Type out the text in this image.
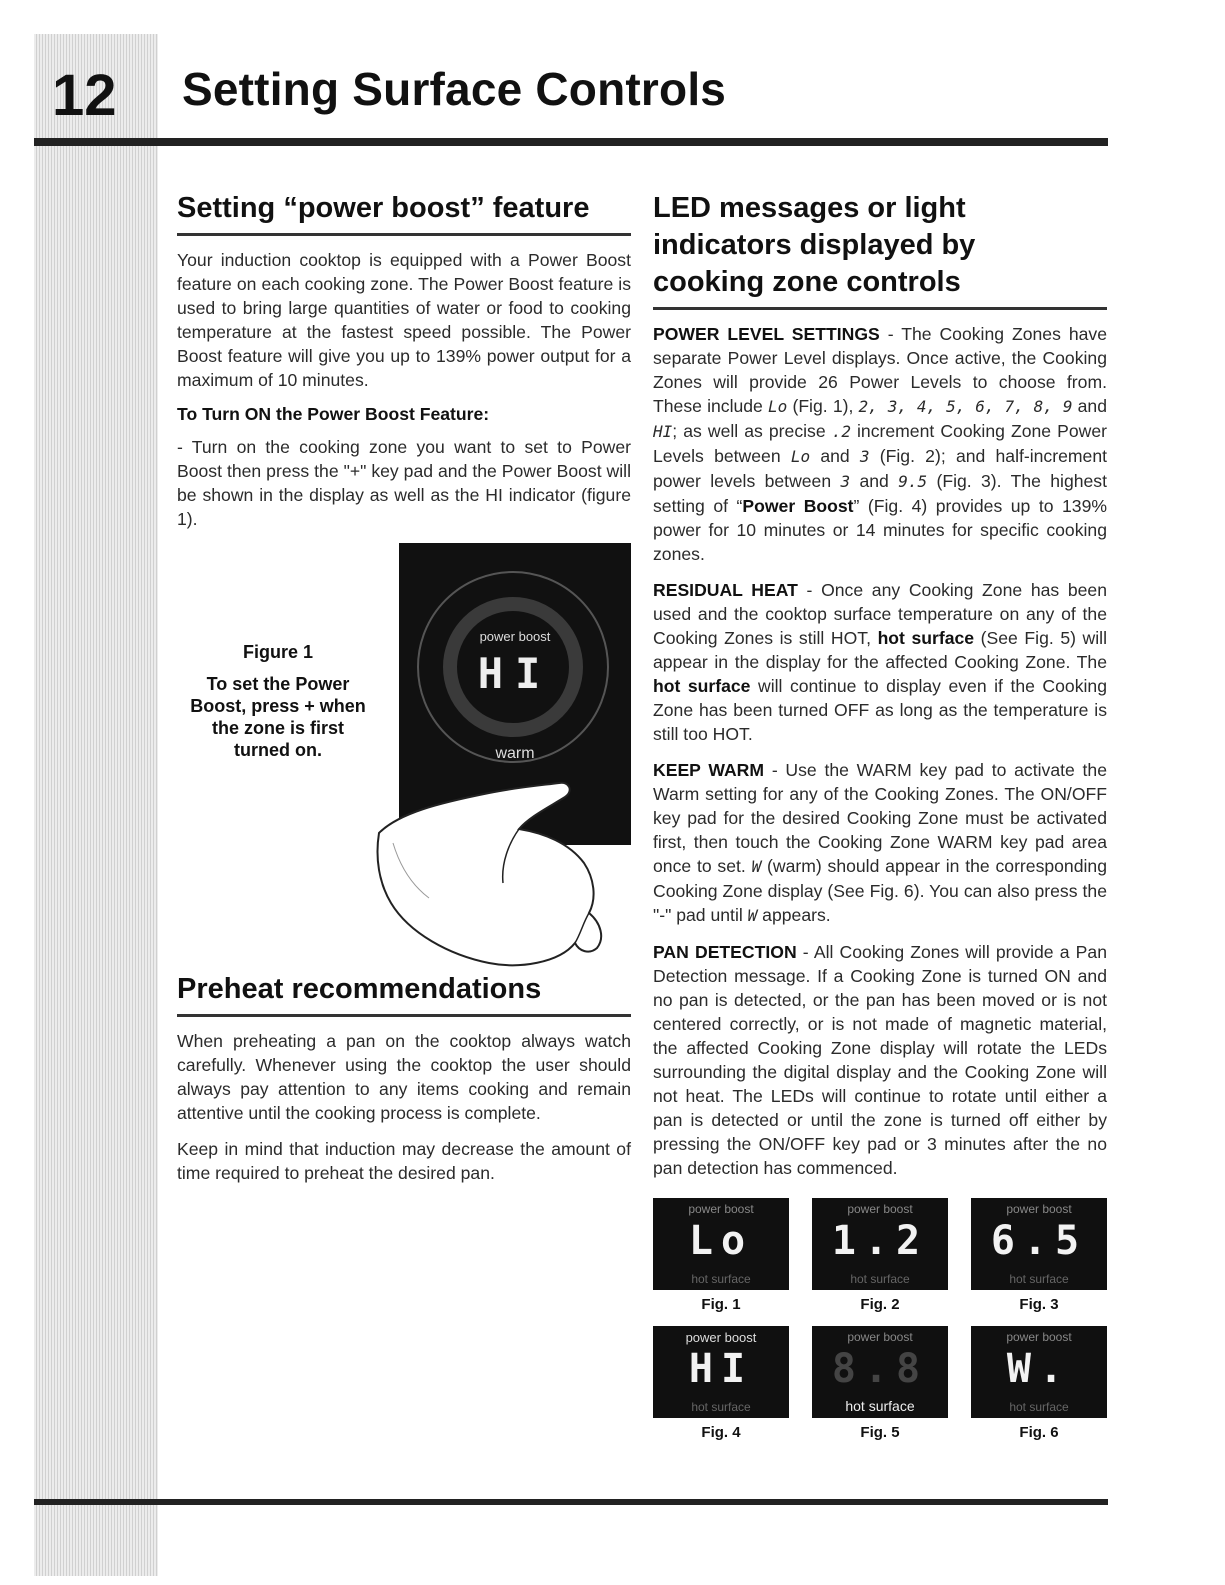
12 Setting Surface Controls
Setting “power boost” feature

Your induction cooktop is equipped with a Power Boost feature on each cooking zone. The Power Boost feature is used to bring large quantities of water or food to cooking temperature at the fastest speed possible. The Power Boost feature will give you up to 139% power output for a maximum of 10 minutes.

To Turn ON the Power Boost Feature:

- Turn on the cooking zone you want to set to Power Boost then press the "+" key pad and the Power Boost will be shown in the display as well as the HI indicator (figure 1).

Figure 1
To set the Power Boost, press + when the zone is first turned on.
power boost
HI
warm
Preheat recommendations

When preheating a pan on the cooktop always watch carefully. Whenever using the cooktop the user should always pay attention to any items cooking and remain attentive until the cooking process is complete.

Keep in mind that induction may decrease the amount of time required to preheat the desired pan.

LED messages or light indicators displayed by cooking zone controls

POWER LEVEL SETTINGS - The Cooking Zones have separate Power Level displays. Once active, the Cooking Zones will provide 26 Power Levels to choose from. These include Lo (Fig. 1), 2, 3, 4, 5, 6, 7, 8, 9 and HI; as well as precise .2 increment Cooking Zone Power Levels between Lo and 3 (Fig. 2); and half-increment power levels between 3 and 9.5 (Fig. 3). The highest setting of “Power Boost” (Fig. 4) provides up to 139% power for 10 minutes or 14 minutes for specific cooking zones.

RESIDUAL HEAT - Once any Cooking Zone has been used and the cooktop surface temperature on any of the Cooking Zones is still HOT, hot surface (See Fig. 5) will appear in the display for the affected Cooking Zone. The hot surface will continue to display even if the Cooking Zone has been turned OFF as long as the temperature is still too HOT.

KEEP WARM - Use the WARM key pad to activate the Warm setting for any of the Cooking Zones. The ON/OFF key pad for the desired Cooking Zone must be activated first, then touch the Cooking Zone WARM key pad area once to set. W (warm) should appear in the corresponding Cooking Zone display (See Fig. 6). You can also press the "-" pad until W appears.

PAN DETECTION - All Cooking Zones will provide a Pan Detection message. If a Cooking Zone is turned ON and no pan is detected, or the pan has been moved or is not centered correctly, or is not made of magnetic material, the affected Cooking Zone display will rotate the LEDs surrounding the digital display and the Cooking Zone will not heat. The LEDs will continue to rotate until either a pan is detected or until the zone is turned off either by pressing the ON/OFF key pad or 3 minutes after the no pan detection has commenced.

power boost
Lo
hot surface
Fig. 1
power boost
1.2
hot surface
Fig. 2
power boost
6.5
hot surface
Fig. 3
power boost
HI
hot surface
Fig. 4
power boost
8.8
hot surface
Fig. 5
power boost
W.
hot surface
Fig. 6
